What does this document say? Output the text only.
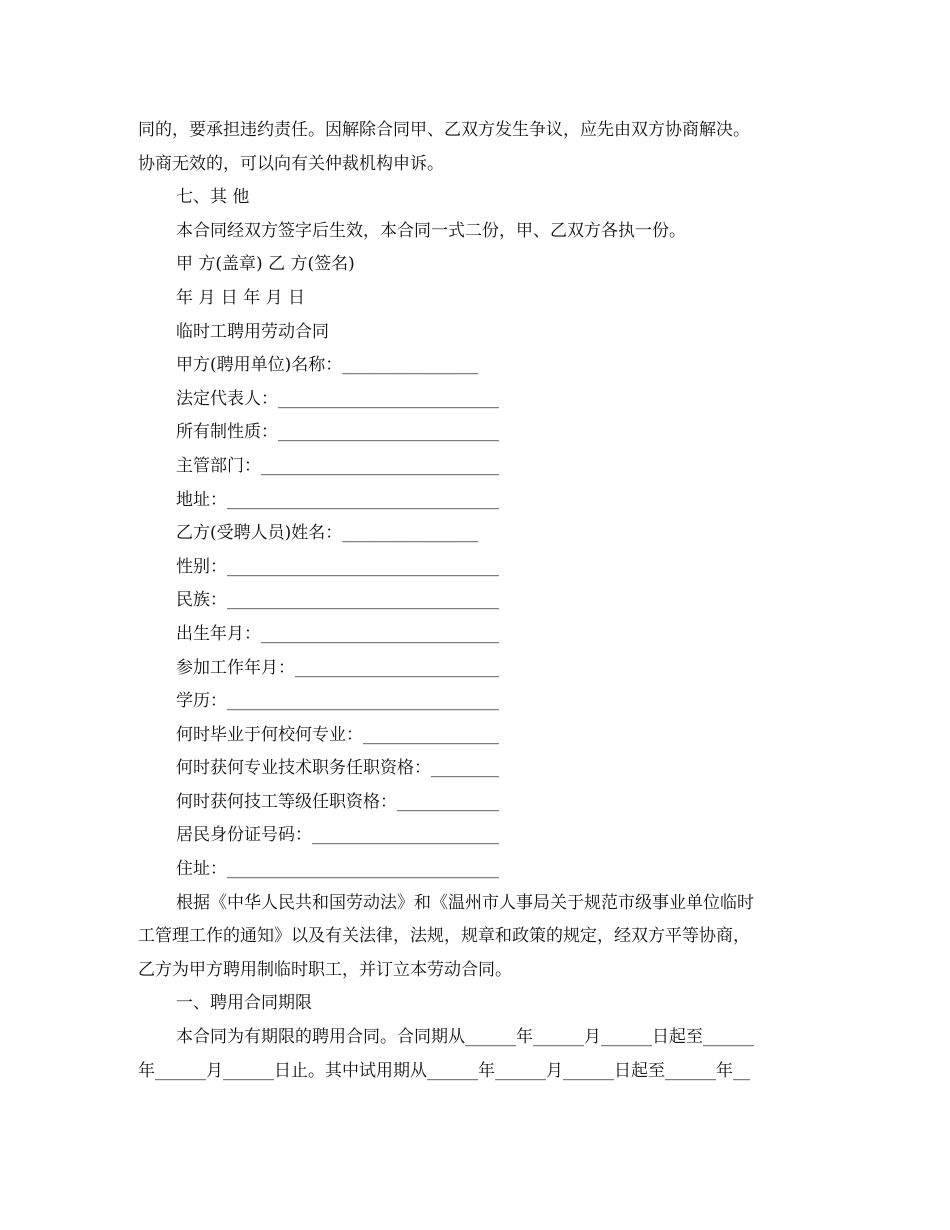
同的，要承担违约责任。因解除合同甲、乙双方发生争议，应先由双方协商解决。

协商无效的，可以向有关仲裁机构申诉。

七、其 他

本合同经双方签字后生效，本合同一式二份，甲、乙双方各执一份。

甲 方(盖章) 乙 方(签名)

年 月 日 年 月 日

临时工聘用劳动合同

甲方(聘用单位)名称：________________

法定代表人：__________________________

所有制性质：__________________________

主管部门：____________________________

地址：________________________________

乙方(受聘人员)姓名：________________

性别：________________________________

民族：________________________________

出生年月：____________________________

参加工作年月：________________________

学历：________________________________

何时毕业于何校何专业：________________

何时获何专业技术职务任职资格：________

何时获何技工等级任职资格：____________

居民身份证号码：______________________

住址：________________________________

根据《中华人民共和国劳动法》和《温州市人事局关于规范市级事业单位临时

工管理工作的通知》以及有关法律，法规，规章和政策的规定，经双方平等协商，

乙方为甲方聘用制临时职工，并订立本劳动合同。

一、聘用合同期限

本合同为有期限的聘用合同。合同期从______年______月______日起至______

年______月______日止。其中试用期从______年______月______日起至______年__
